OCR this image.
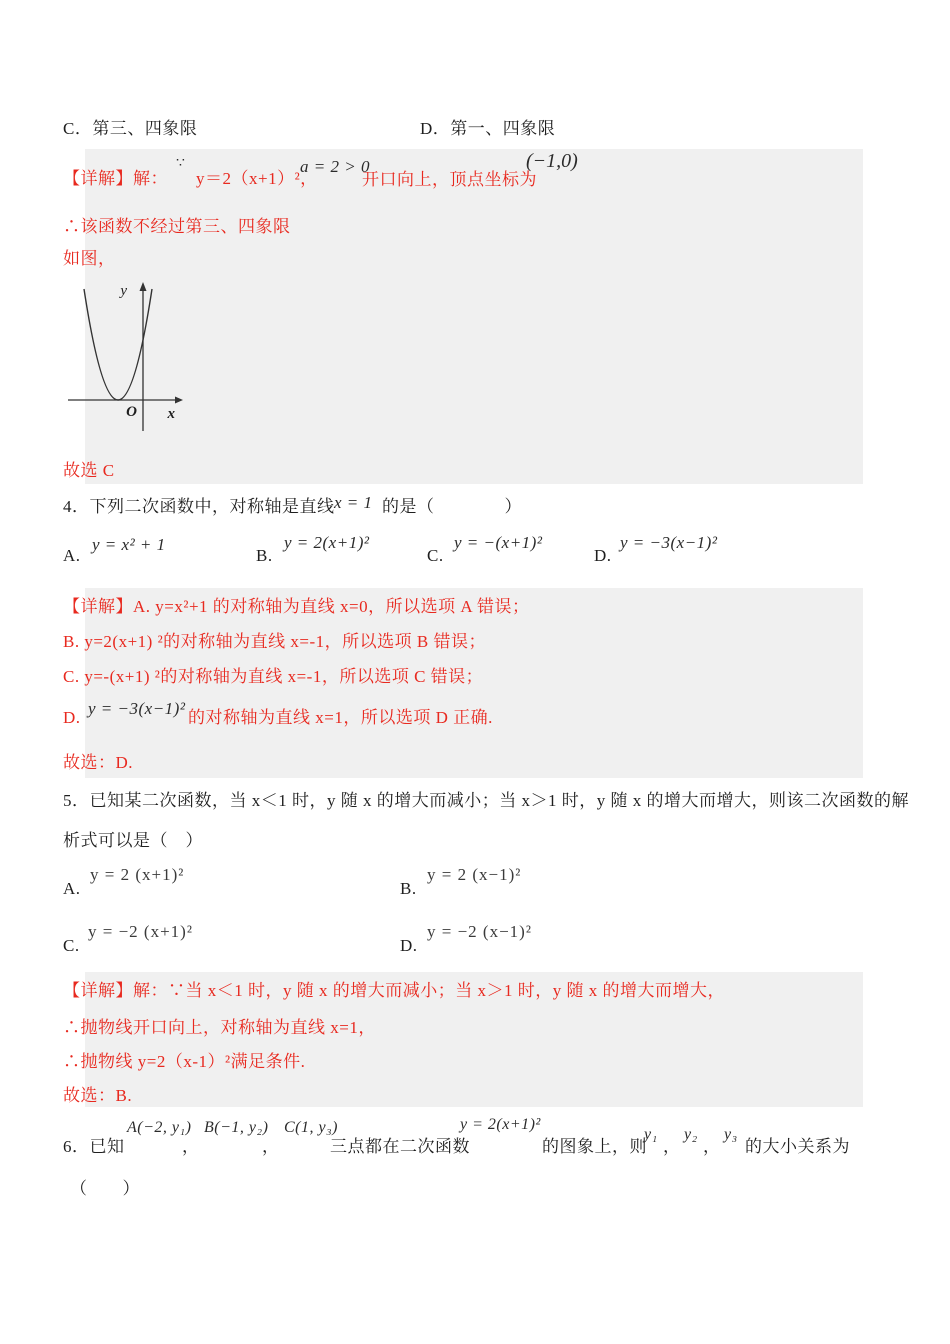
C．第三、四象限	D．第一、四象限
【详解】解：
∵
y＝2（x+1）²，
a = 2 > 0
开口向上，顶点坐标为
(−1,0)
∴该函数不经过第三、四象限
如图，
y
O x
故选 C
4．下列二次函数中，对称轴是直线 x = 1 的是（　　　　）
A.
y = x² + 1
B.
y = 2(x+1)²
C.
y = −(x+1)²
D.
y = −3(x−1)²
【详解】A. y=x²+1 的对称轴为直线 x=0，所以选项 A 错误；
B. y=2(x+1) ²的对称轴为直线 x=-1，所以选项 B 错误；
C. y=-(x+1) ²的对称轴为直线 x=-1，所以选项 C 错误；
D. y = −3(x−1)² 的对称轴为直线 x=1，所以选项 D 正确.
故选：D.
5．已知某二次函数，当 x＜1 时，y 随 x 的增大而减小；当 x＞1 时，y 随 x 的增大而增大，则该二次函数的解
析式可以是（　）
A.
y = 2 (x+1)²
B.
y = 2 (x−1)²
C.
y = −2 (x+1)²
D.
y = −2 (x−1)²
【详解】解：∵当 x＜1 时，y 随 x 的增大而减小；当 x＞1 时，y 随 x 的增大而增大，
∴抛物线开口向上，对称轴为直线 x=1，
∴抛物线 y=2（x-1）²满足条件.
故选：B.
6．已知
A(−2, y₁)
，
B(−1, y₂)
，
C(1, y₃)
三点都在二次函数
y = 2(x+1)²
的图象上，则
y₁
，
y₂
，
y₃
的大小关系为
（　　）
